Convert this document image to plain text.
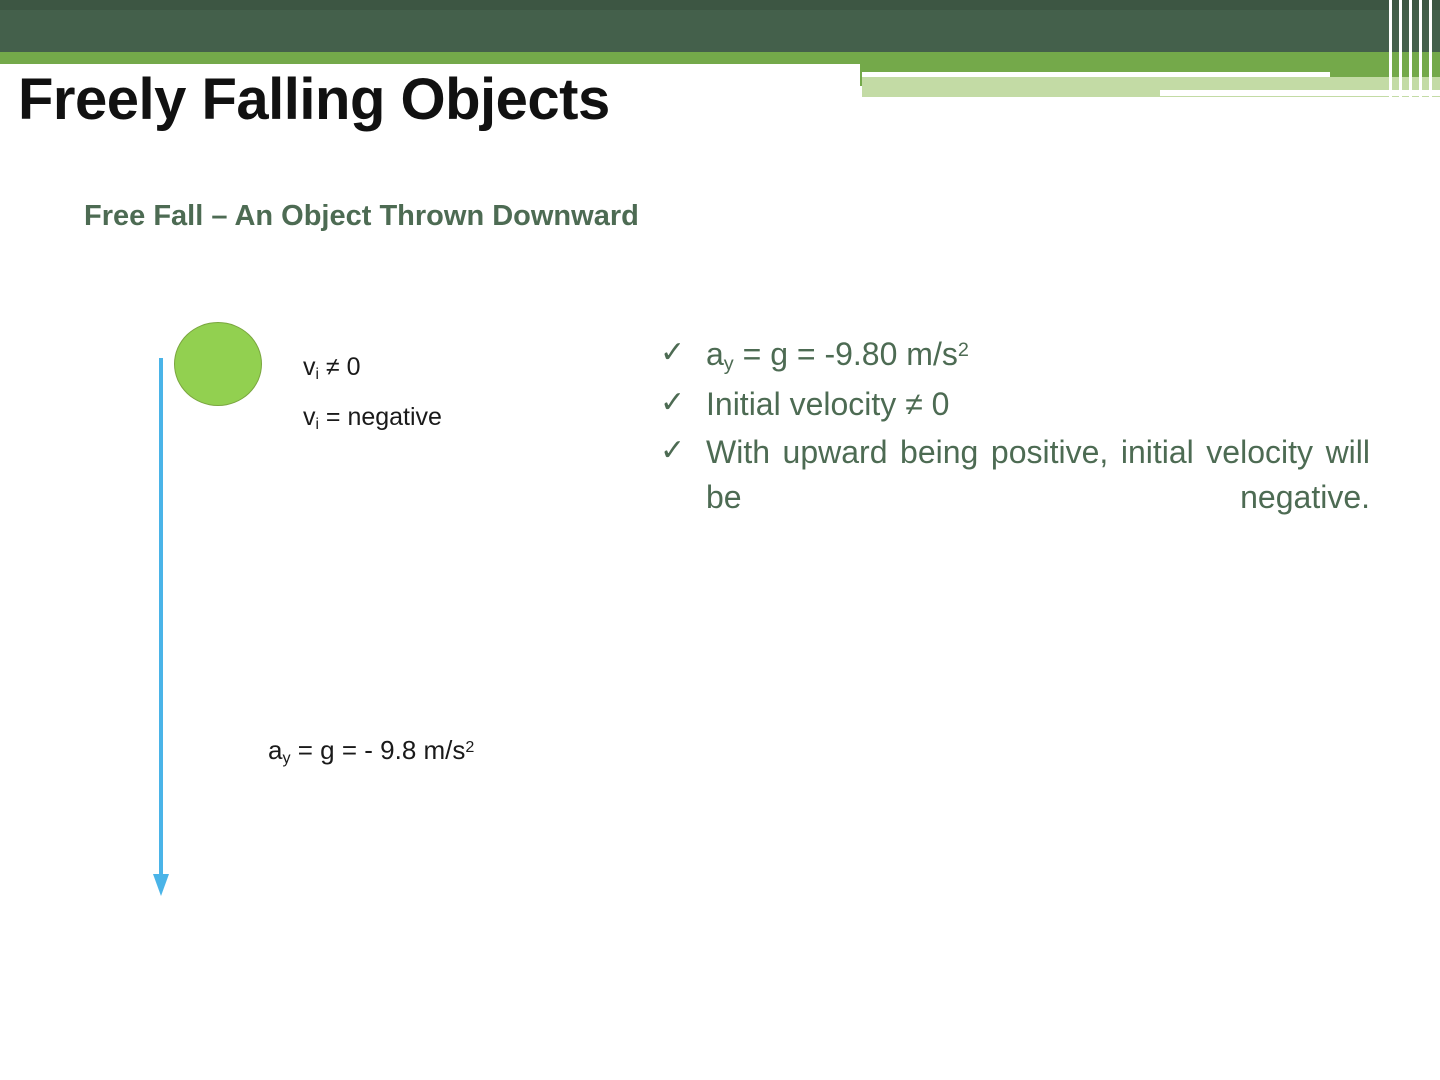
Freely Falling Objects
Free Fall – An Object Thrown Downward
$v_i \ne 0$
$v_i$ = negative
$a_y = g$ = - 9.8 $m/s^2$
✓ $a_y = g = -9.80$ $m/s^2$
✓ Initial velocity ≠ 0
✓ With upward being positive, initial velocity will be negative.
